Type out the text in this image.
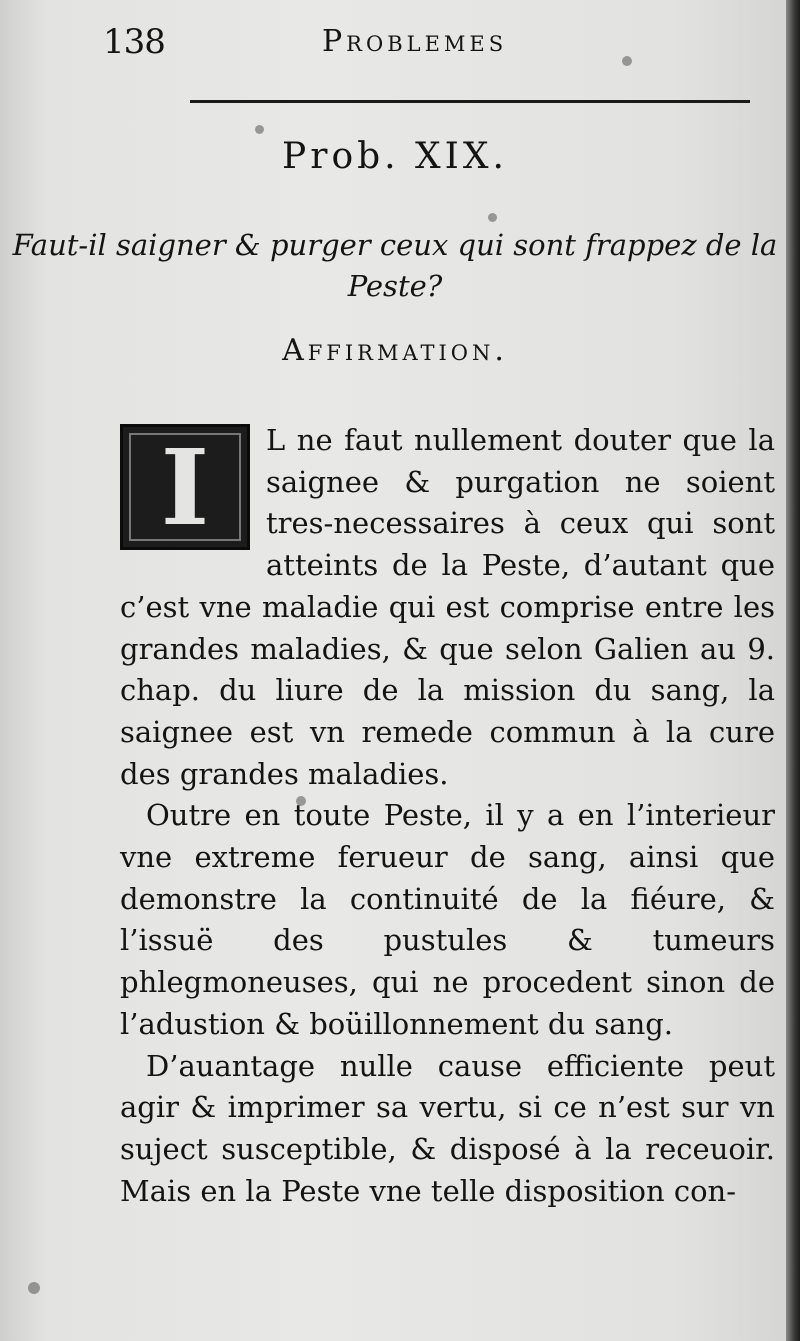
138	Problemes
Prob. XIX.
Faut-il saigner & purger ceux qui sont frappez de la Peste?
Affirmation.

I	L ne faut nullement douter que la saignee & purgation ne soient tres-necessaires à ceux qui sont atteints de la Peste, d’autant que c’est vne maladie qui est comprise entre les grandes maladies, & que selon Galien au 9. chap. du liure de la mission du sang, la saignee est vn remede commun à la cure des grandes maladies.

Outre en toute Peste, il y a en l’interieur vne extreme ferueur de sang, ainsi que demonstre la continuité de la fiéure, & l’issuë des pustules & tumeurs phlegmoneuses, qui ne procedent sinon de l’adustion & boüillonnement du sang.

D’auantage nulle cause efficiente peut agir & imprimer sa vertu, si ce n’est sur vn suject susceptible, & disposé à la receuoir. Mais en la Peste vne telle disposition con-
